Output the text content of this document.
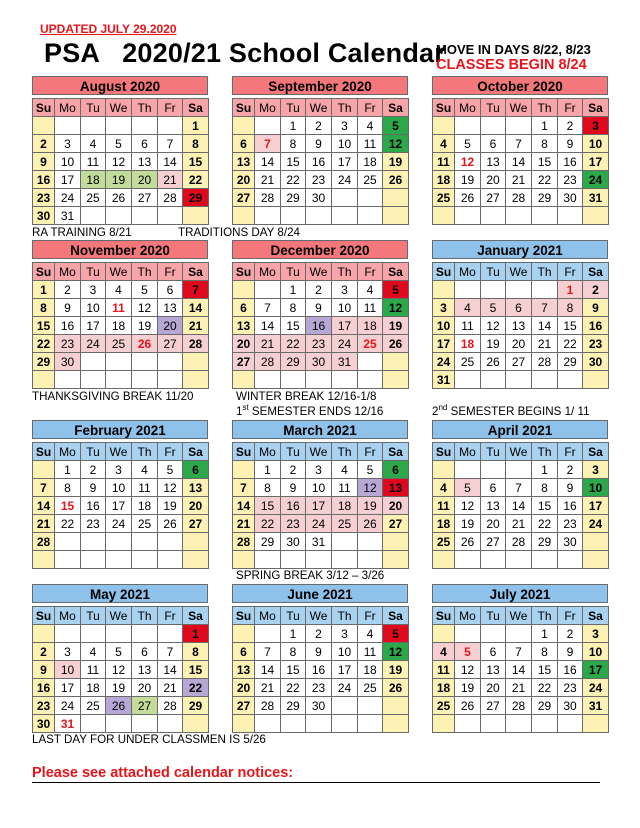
UPDATED JULY 29.2020
PSA   2020/21 School Calendar
MOVE IN DAYS 8/22, 8/23
CLASSES BEGIN 8/24
August 2020
Su	Mo	Tu	We	Th	Fr	Sa
						1
2	3	4	5	6	7	8
9	10	11	12	13	14	15
16	17	18	19	20	21	22
23	24	25	26	27	28	29
30	31					
September 2020
Su	Mo	Tu	We	Th	Fr	Sa
		1	2	3	4	5
6	7	8	9	10	11	12
13	14	15	16	17	18	19
20	21	22	23	24	25	26
27	28	29	30			

October 2020
Su	Mo	Tu	We	Th	Fr	Sa
				1	2	3
4	5	6	7	8	9	10
11	12	13	14	15	16	17
18	19	20	21	22	23	24
25	26	27	28	29	30	31

November 2020
Su	Mo	Tu	We	Th	Fr	Sa
1	2	3	4	5	6	7
8	9	10	11	12	13	14
15	16	17	18	19	20	21
22	23	24	25	26	27	28
29	30					

December 2020
Su	Mo	Tu	We	Th	Fr	Sa
		1	2	3	4	5
6	7	8	9	10	11	12
13	14	15	16	17	18	19
20	21	22	23	24	25	26
27	28	29	30	31		

January 2021
Su	Mo	Tu	We	Th	Fr	Sa
					1	2
3	4	5	6	7	8	9
10	11	12	13	14	15	16
17	18	19	20	21	22	23
24	25	26	27	28	29	30
31						
February 2021
Su	Mo	Tu	We	Th	Fr	Sa
	1	2	3	4	5	6
7	8	9	10	11	12	13
14	15	16	17	18	19	20
21	22	23	24	25	26	27
28						

March 2021
Su	Mo	Tu	We	Th	Fr	Sa
	1	2	3	4	5	6
7	8	9	10	11	12	13
14	15	16	17	18	19	20
21	22	23	24	25	26	27
28	29	30	31			

April 2021
Su	Mo	Tu	We	Th	Fr	Sa
				1	2	3
4	5	6	7	8	9	10
11	12	13	14	15	16	17
18	19	20	21	22	23	24
25	26	27	28	29	30	

May 2021
Su	Mo	Tu	We	Th	Fr	Sa
						1
2	3	4	5	6	7	8
9	10	11	12	13	14	15
16	17	18	19	20	21	22
23	24	25	26	27	28	29
30	31					
June 2021
Su	Mo	Tu	We	Th	Fr	Sa
		1	2	3	4	5
6	7	8	9	10	11	12
13	14	15	16	17	18	19
20	21	22	23	24	25	26
27	28	29	30			

July 2021
Su	Mo	Tu	We	Th	Fr	Sa
				1	2	3
4	5	6	7	8	9	10
11	12	13	14	15	16	17
18	19	20	21	22	23	24
25	26	27	28	29	30	31

RA TRAINING 8/21	TRADITIONS DAY 8/24
THANKSGIVING BREAK 11/20	WINTER BREAK 12/16-1/8
1st SEMESTER ENDS 12/16	2nd SEMESTER BEGINS 1/ 11
SPRING BREAK 3/12 – 3/26
LAST DAY FOR UNDER CLASSMEN IS 5/26
Please see attached calendar notices:
